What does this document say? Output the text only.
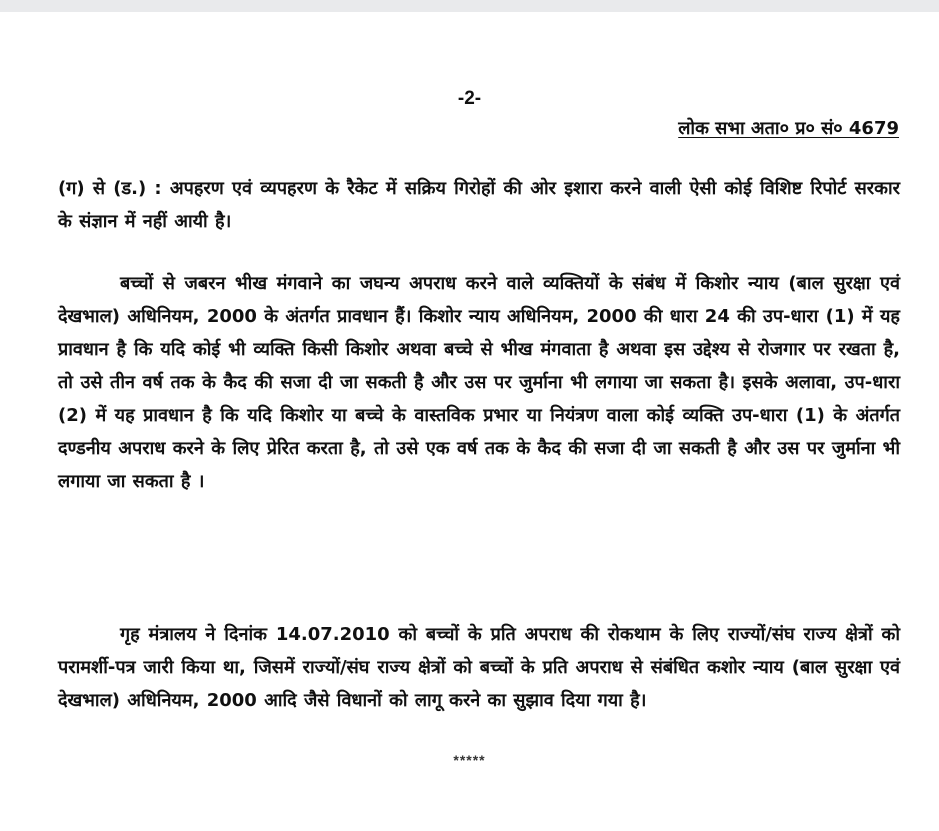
-2-
लोक सभा अता० प्र० सं० 4679

(ग) से (ड.) : अपहरण एवं व्यपहरण के रैकेट में सक्रिय गिरोहों की ओर इशारा करने वाली ऐसी कोई विशिष्ट रिपोर्ट सरकार के संज्ञान में नहीं आयी है।

बच्चों से जबरन भीख मंगवाने का जघन्य अपराध करने वाले व्यक्तियों के संबंध में किशोर न्याय (बाल सुरक्षा एवं देखभाल) अधिनियम, 2000 के अंतर्गत प्रावधान हैं। किशोर न्याय अधिनियम, 2000 की धारा 24 की उप-धारा (1) में यह प्रावधान है कि यदि कोई भी व्यक्ति किसी किशोर अथवा बच्चे से भीख मंगवाता है अथवा इस उद्देश्य से रोजगार पर रखता है, तो उसे तीन वर्ष तक के कैद की सजा दी जा सकती है और उस पर जुर्माना भी लगाया जा सकता है। इसके अलावा, उप-धारा (2) में यह प्रावधान है कि यदि किशोर या बच्चे के वास्तविक प्रभार या नियंत्रण वाला कोई व्यक्ति उप-धारा (1) के अंतर्गत दण्डनीय अपराध करने के लिए प्रेरित करता है, तो उसे एक वर्ष तक के कैद की सजा दी जा सकती है और उस पर जुर्माना भी लगाया जा सकता है ।

गृह मंत्रालय ने दिनांक 14.07.2010 को बच्चों के प्रति अपराध की रोकथाम के लिए राज्यों/संघ राज्य क्षेत्रों को परामर्शी-पत्र जारी किया था, जिसमें राज्यों/संघ राज्य क्षेत्रों को बच्चों के प्रति अपराध से संबंधित कशोर न्याय (बाल सुरक्षा एवं देखभाल) अधिनियम, 2000 आदि जैसे विधानों को लागू करने का सुझाव दिया गया है।

*****
